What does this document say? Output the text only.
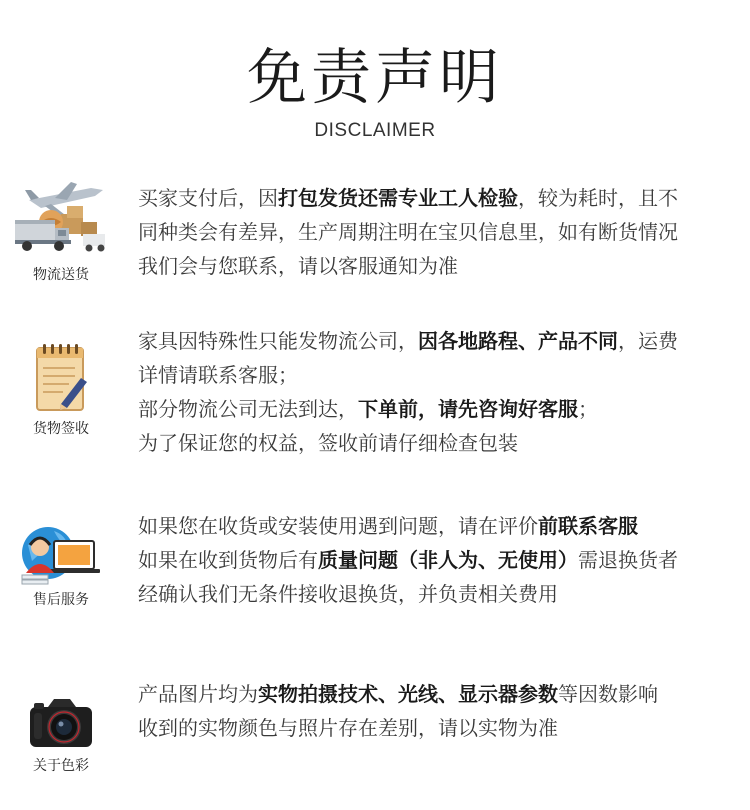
免责声明
DISCLAIMER
物流送货
买家支付后，因打包发货还需专业工人检验，较为耗时，且不
同种类会有差异，生产周期注明在宝贝信息里，如有断货情况
我们会与您联系，请以客服通知为准
货物签收
家具因特殊性只能发物流公司，因各地路程、产品不同，运费
详情请联系客服；
部分物流公司无法到达，下单前，请先咨询好客服；
为了保证您的权益，签收前请仔细检查包装
售后服务
如果您在收货或安装使用遇到问题，请在评价前联系客服
如果在收到货物后有质量问题（非人为、无使用）需退换货者
经确认我们无条件接收退换货，并负责相关费用
关于色彩
产品图片均为实物拍摄技术、光线、显示器参数等因数影响
收到的实物颜色与照片存在差别，请以实物为准
